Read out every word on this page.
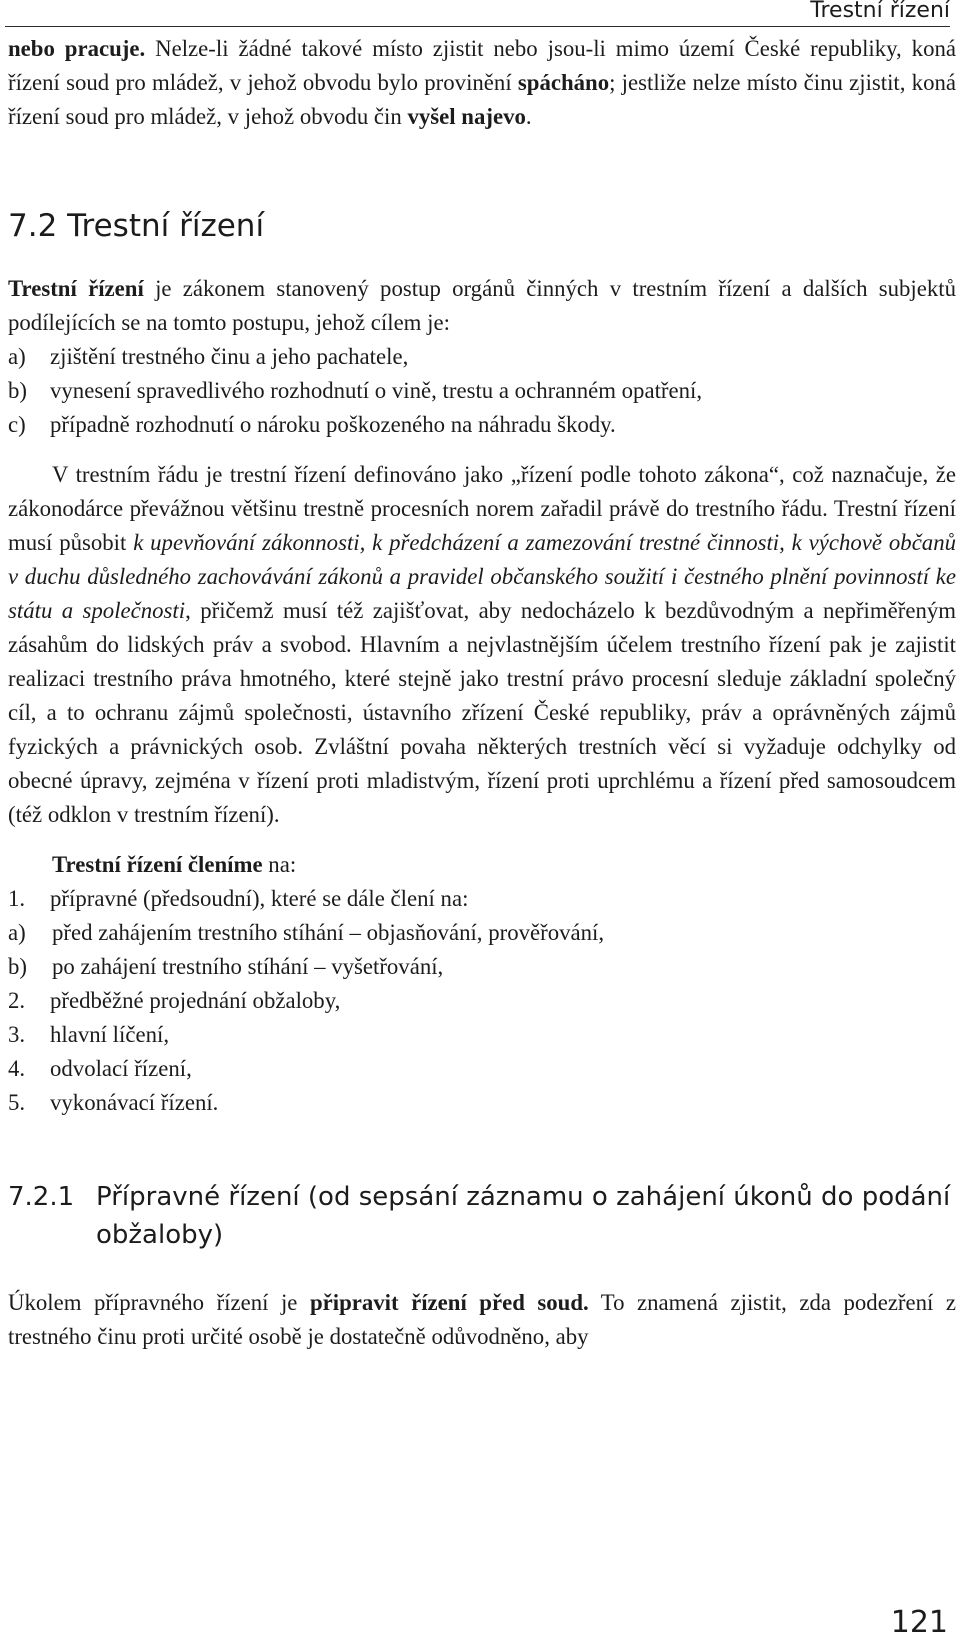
Trestní řízení

nebo pracuje. Nelze-li žádné takové místo zjistit nebo jsou-li mimo území České republiky, koná řízení soud pro mládež, v jehož obvodu bylo provinění spácháno; jestliže nelze místo činu zjistit, koná řízení soud pro mládež, v jehož obvodu čin vyšel najevo.

7.2 Trestní řízení

Trestní řízení je zákonem stanovený postup orgánů činných v trestním řízení a dalších subjektů podílejících se na tomto postupu, jehož cílem je:

a)	zjištění trestného činu a jeho pachatele,
b)	vynesení spravedlivého rozhodnutí o vině, trestu a ochranném opatření,
c)	případně rozhodnutí o nároku poškozeného na náhradu škody.

V trestním řádu je trestní řízení definováno jako „řízení podle tohoto zákona“, což naznačuje, že zákonodárce převážnou většinu trestně procesních norem zařadil právě do trestního řádu. Trestní řízení musí působit k upevňování zákonnosti, k předcházení a zamezování trestné činnosti, k výchově občanů v duchu důsledného zachovávání zákonů a pravidel občanského soužití i čestného plnění povinností ke státu a společnosti, přičemž musí též zajišťovat, aby nedocházelo k bezdůvodným a nepřiměřeným zásahům do lidských práv a svobod. Hlavním a nejvlastnějším účelem trestního řízení pak je zajistit realizaci trestního práva hmotného, které stejně jako trestní právo procesní sleduje základní společný cíl, a to ochranu zájmů společnosti, ústavního zřízení České republiky, práv a oprávněných zájmů fyzických a právnických osob. Zvláštní povaha některých trestních věcí si vyžaduje odchylky od obecné úpravy, zejména v řízení proti mladistvým, řízení proti uprchlému a řízení před samosoudcem (též odklon v trestním řízení).

Trestní řízení členíme na:

1.	přípravné (předsoudní), které se dále člení na:
a)	před zahájením trestního stíhání – objasňování, prověřování,
b)	po zahájení trestního stíhání – vyšetřování,
2.	předběžné projednání obžaloby,
3.	hlavní líčení,
4.	odvolací řízení,
5.	vykonávací řízení.
7.2.1 Přípravné řízení (od sepsání záznamu o zahájení úkonů do podání obžaloby)

Úkolem přípravného řízení je připravit řízení před soud. To znamená zjistit, zda podezření z trestného činu proti určité osobě je dostatečně odůvodněno, aby

121
